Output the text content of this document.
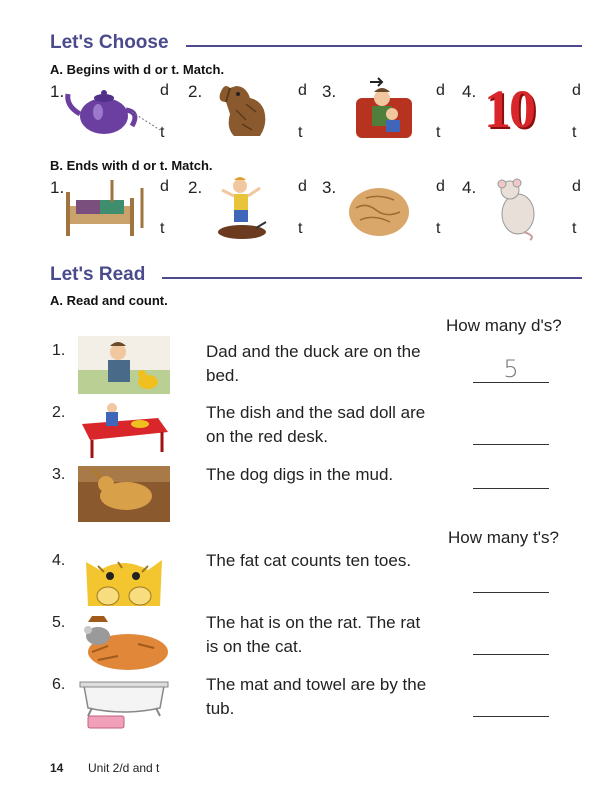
Let's Choose
A. Begins with d or t. Match.
1.	d
t
2.	d
t
3.	d
t
4. 10 d
t
B. Ends with d or t. Match.
1.	d
t
2.	d
t
3.	d
t
4.	d
t
Let's Read
A. Read and count.
How many d's?
How many t's?
1.	Dad and the duck are on the bed.	5
2.	The dish and the sad doll are on the red desk.
3.	The dog digs in the mud.
4.	The fat cat counts ten toes.
5.	The hat is on the rat. The rat is on the cat.
6.	The mat and towel are by the tub.
14 Unit 2/d and t
